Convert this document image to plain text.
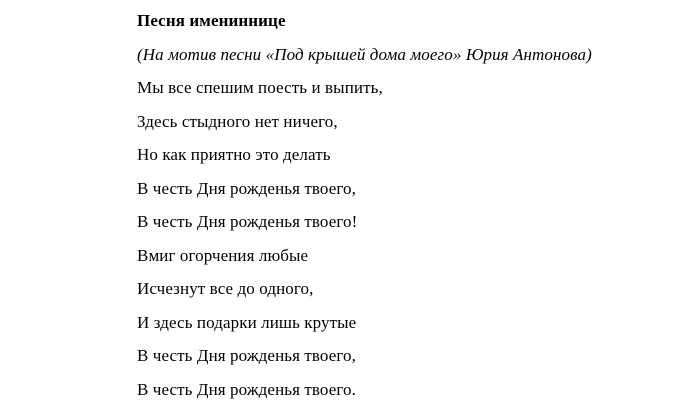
Песня имениннице
(На мотив песни «Под крышей дома моего» Юрия Антонова)
Мы все спешим поесть и выпить,
Здесь стыдного нет ничего,
Но как приятно это делать
В честь Дня рожденья твоего,
В честь Дня рожденья твоего!
Вмиг огорчения любые
Исчезнут все до одного,
И здесь подарки лишь крутые
В честь Дня рожденья твоего,
В честь Дня рожденья твоего.
